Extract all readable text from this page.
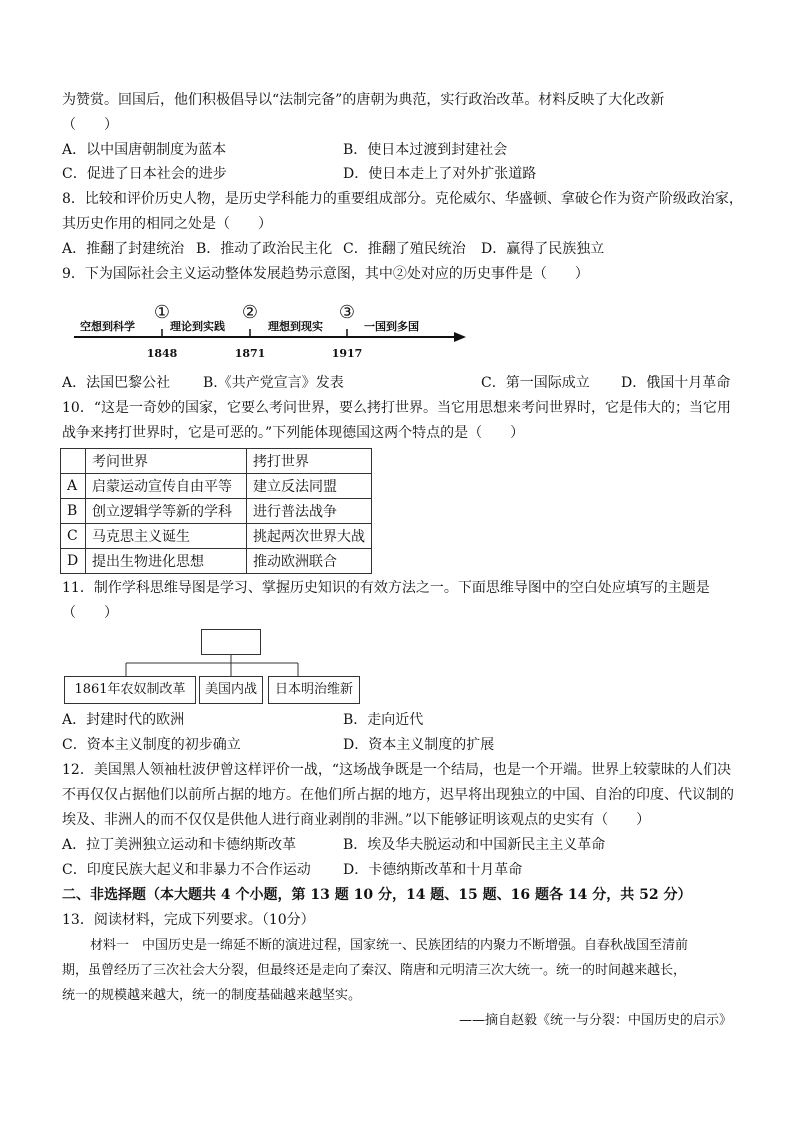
为赞赏。回国后，他们积极倡导以“法制完备”的唐朝为典范，实行政治改革。材料反映了大化改新
（　　）
A．以中国唐朝制度为蓝本	B．使日本过渡到封建社会
C．促进了日本社会的进步	D．使日本走上了对外扩张道路
8．比较和评价历史人物，是历史学科能力的重要组成部分。克伦威尔、华盛顿、拿破仑作为资产阶级政治家，
其历史作用的相同之处是（　　）
A．推翻了封建统治 B．推动了政治民主化 C．推翻了殖民统治 D．赢得了民族独立
9．下为国际社会主义运动整体发展趋势示意图，其中②处对应的历史事件是（　　）
空想到科学	理论到实践	理想到现实	一国到多国
①	②	③
1848	1871	1917
A．法国巴黎公社 B.《共产党宣言》发表	C．第一国际成立 D．俄国十月革命
10．“这是一奇妙的国家，它要么考问世界，要么拷打世界。当它用思想来考问世界时，它是伟大的；当它用
战争来拷打世界时，它是可恶的。”下列能体现德国这两个特点的是（　　）
	考问世界	拷打世界
A	启蒙运动宣传自由平等	建立反法同盟
B	创立逻辑学等新的学科	进行普法战争
C	马克思主义诞生	挑起两次世界大战
D	提出生物进化思想	推动欧洲联合
11．制作学科思维导图是学习、掌握历史知识的有效方法之一。下面思维导图中的空白处应填写的主题是
（　　）
1861年农奴制改革	美国内战	日本明治维新
A．封建时代的欧洲	B．走向近代
C．资本主义制度的初步确立	D．资本主义制度的扩展
12．美国黑人领袖杜波伊曾这样评价一战，“这场战争既是一个结局，也是一个开端。世界上较蒙昧的人们决
不再仅仅占据他们以前所占据的地方。在他们所占据的地方，迟早将出现独立的中国、自治的印度、代议制的
埃及、非洲人的而不仅仅是供他人进行商业剥削的非洲。”以下能够证明该观点的史实有（　　）
A．拉丁美洲独立运动和卡德纳斯改革	B．埃及华夫脱运动和中国新民主主义革命
C．印度民族大起义和非暴力不合作运动 D．卡德纳斯改革和十月革命
二、非选择题（本大题共 4 个小题，第 13 题 10 分，14 题、15 题、16 题各 14 分，共 52 分）
13．阅读材料，完成下列要求。（10分）
材料一　中国历史是一绵延不断的演进过程，国家统一、民族团结的内聚力不断增强。自春秋战国至清前
期，虽曾经历了三次社会大分裂，但最终还是走向了秦汉、隋唐和元明清三次大统一。统一的时间越来越长，
统一的规模越来越大，统一的制度基础越来越坚实。
——摘自赵毅《统一与分裂：中国历史的启示》
